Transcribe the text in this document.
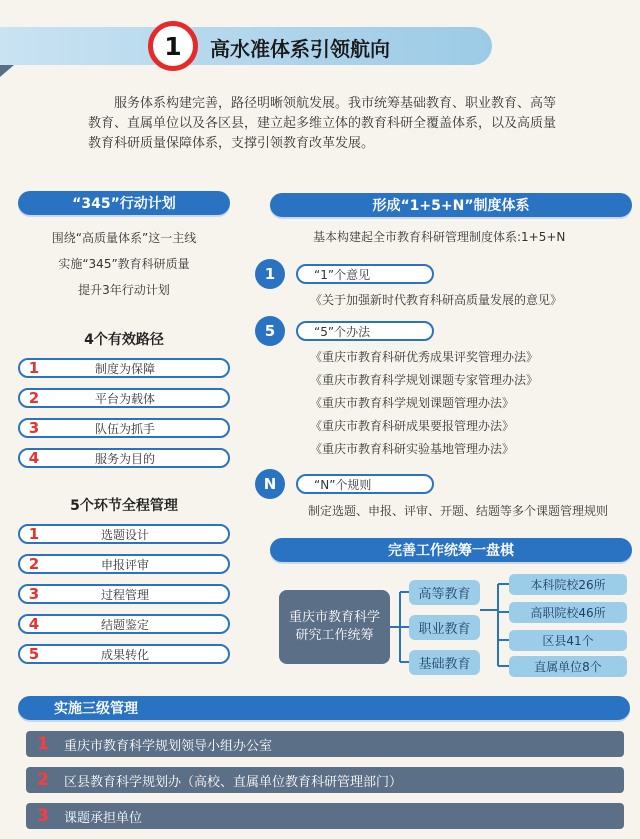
1	高水准体系引领航向
服务体系构建完善，路径明晰领航发展。我市统筹基础教育、职业教育、高等教育、直属单位以及各区县，建立起多维立体的教育科研全覆盖体系，以及高质量教育科研质量保障体系，支撑引领教育改革发展。
“345”行动计划
围绕“高质量体系”这一主线
实施“345”教育科研质量
提升3年行动计划
4个有效路径
1	制度为保障
2	平台为载体
3	队伍为抓手
4	服务为目的
5个环节全程管理
1	选题设计
2	申报评审
3	过程管理
4	结题鉴定
5	成果转化
形成“1+5+N”制度体系
基本构建起全市教育科研管理制度体系:1+5+N
1	“1”个意见
《关于加强新时代教育科研高质量发展的意见》
5	“5”个办法
《重庆市教育科研优秀成果评奖管理办法》
《重庆市教育科学规划课题专家管理办法》
《重庆市教育科学规划课题管理办法》
《重庆市教育科研成果要报管理办法》
《重庆市教育科研实验基地管理办法》
N	“N”个规则
制定选题、申报、评审、开题、结题等多个课题管理规则
完善工作统筹一盘棋
重庆市教育科学研究工作统筹
高等教育
职业教育
基础教育
本科院校26所
高职院校46所
区县41个
直属单位8个
实施三级管理
1	重庆市教育科学规划领导小组办公室
2	区县教育科学规划办（高校、直属单位教育科研管理部门）
3	课题承担单位
